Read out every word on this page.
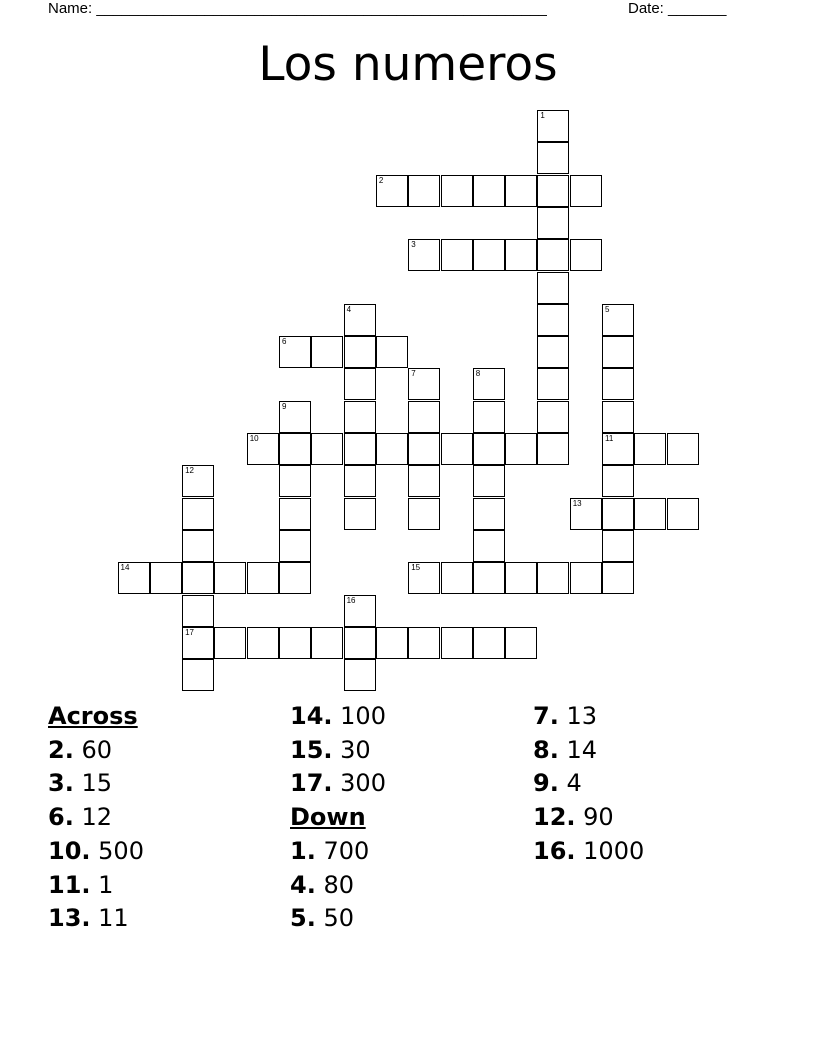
Name: ______________________________________________________	Date: _______
Los numeros
2
3
6
10	11
13
14	15
17
1
4	5
7	8
9
12
16
Across
2. 60
3. 15
6. 12
10. 500
11. 1
13. 11
14. 100
15. 30
17. 300
Down
1. 700
4. 80
5. 50
7. 13
8. 14
9. 4
12. 90
16. 1000
